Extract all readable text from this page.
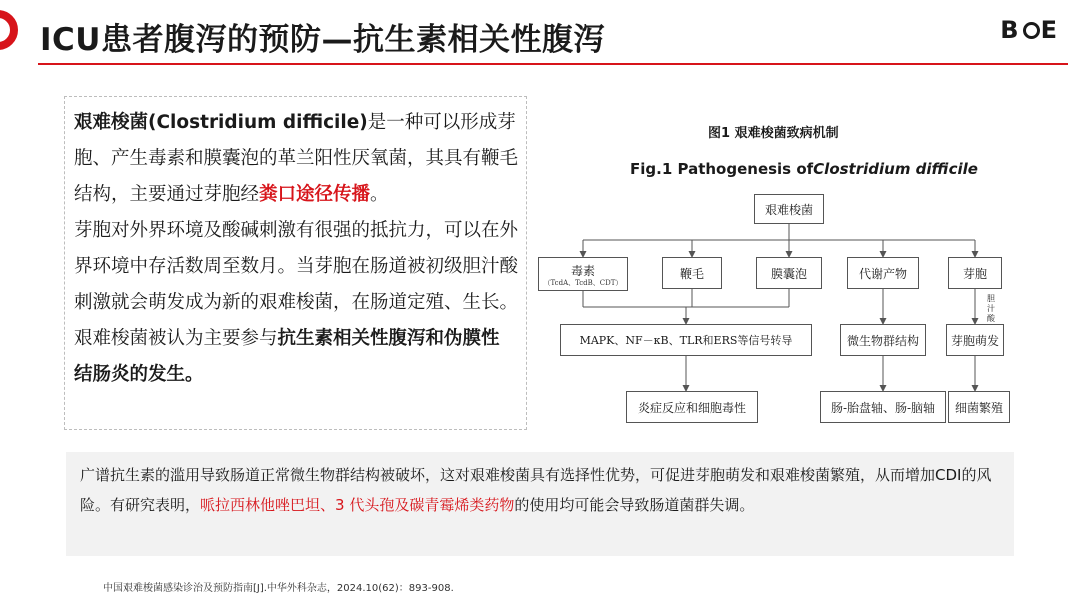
ICU患者腹泻的预防—抗生素相关性腹泻	B E

艰难梭菌(Clostridium difficile)是一种可以形成芽胞、产生毒素和膜囊泡的革兰阳性厌氧菌，其具有鞭毛结构，主要通过芽胞经粪口途径传播。

芽胞对外界环境及酸碱刺激有很强的抵抗力，可以在外界环境中存活数周至数月。当芽胞在肠道被初级胆汁酸刺激就会萌发成为新的艰难梭菌，在肠道定殖、生长。

艰难梭菌被认为主要参与抗生素相关性腹泻和伪膜性结肠炎的发生。

图1 艰难梭菌致病机制
Fig.1 Pathogenesis ofClostridium difficile
艰难梭菌
毒素
（TcdA、TcdB、CDT）
鞭毛	膜囊泡	代谢产物	芽胞
胆汁酸
MAPK、NF－κB、TLR和ERS等信号转导	微生物群结构	芽胞萌发
炎症反应和细胞毒性	肠-胎盘轴、肠-脑轴	细菌繁殖

广谱抗生素的滥用导致肠道正常微生物群结构被破坏，这对艰难梭菌具有选择性优势，可促进芽胞萌发和艰难梭菌繁殖，从而增加CDI的风险。有研究表明，哌拉西林他唑巴坦、3 代头孢及碳青霉烯类药物的使用均可能会导致肠道菌群失调。

中国艰难梭菌感染诊治及预防指南[J].中华外科杂志，2024.10(62)：893-908.
